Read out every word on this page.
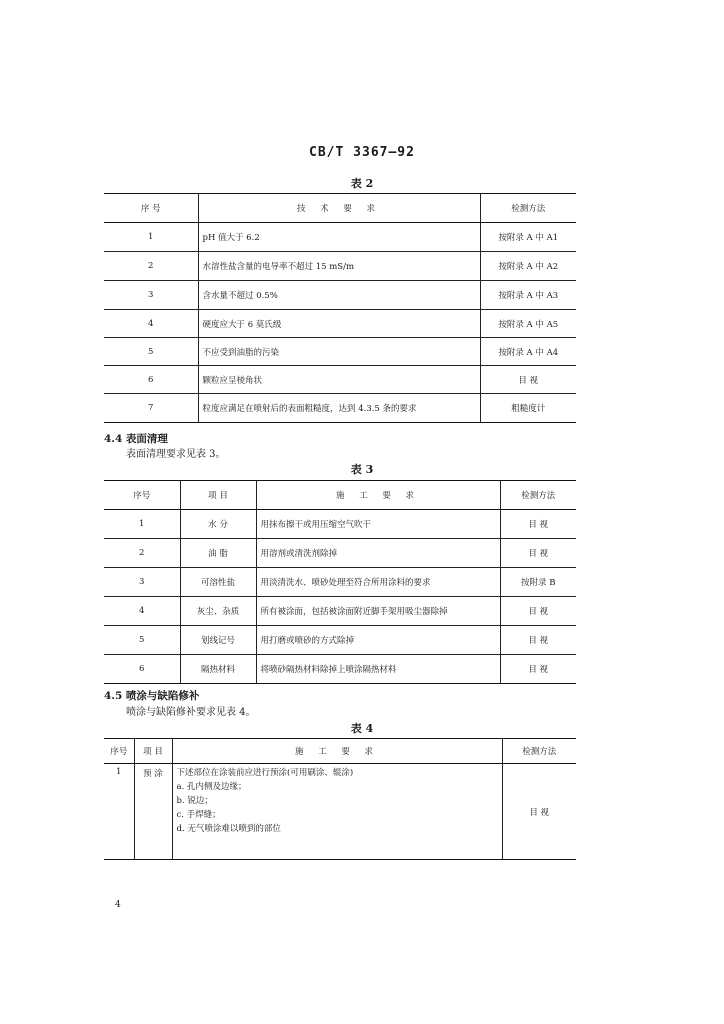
CB/T 3367—92
表 2
序 号	技 术 要 求	检测方法
1	pH 值大于 6.2	按附录 A 中 A1
2	水溶性盐含量的电导率不超过 15 mS/m	按附录 A 中 A2
3	含水量不超过 0.5%	按附录 A 中 A3
4	硬度应大于 6 莫氏级	按附录 A 中 A5
5	不应受到油脂的污染	按附录 A 中 A4
6	颗粒应呈棱角状	目 视
7	粒度应满足在喷射后的表面粗糙度，达到 4.3.5 条的要求	粗糙度计
4.4 表面清理
表面清理要求见表 3。
表 3
序号	项 目	施 工 要 求	检测方法
1	水 分	用抹布擦干或用压缩空气吹干	目 视
2	油 脂	用溶剂或清洗剂除掉	目 视
3	可溶性盐	用淡清洗水、喷砂处理至符合所用涂料的要求	按附录 B
4	灰尘、杂质	所有被涂面，包括被涂面附近脚手架用吸尘器除掉	目 视
5	划线记号	用打磨或喷砂的方式除掉	目 视
6	隔热材料	将喷砂隔热材料除掉上喷涂隔热材料	目 视
4.5 喷涂与缺陷修补
喷涂与缺陷修补要求见表 4。
表 4
序号	项 目	施 工 要 求	检测方法
1	预 涂	下述部位在涂装前应进行预涂(可用刷涂、辊涂)
a. 孔内侧及边缘；
b. 锐边；
c. 手焊缝；
d. 无气喷涂难以喷到的部位	目 视
4
